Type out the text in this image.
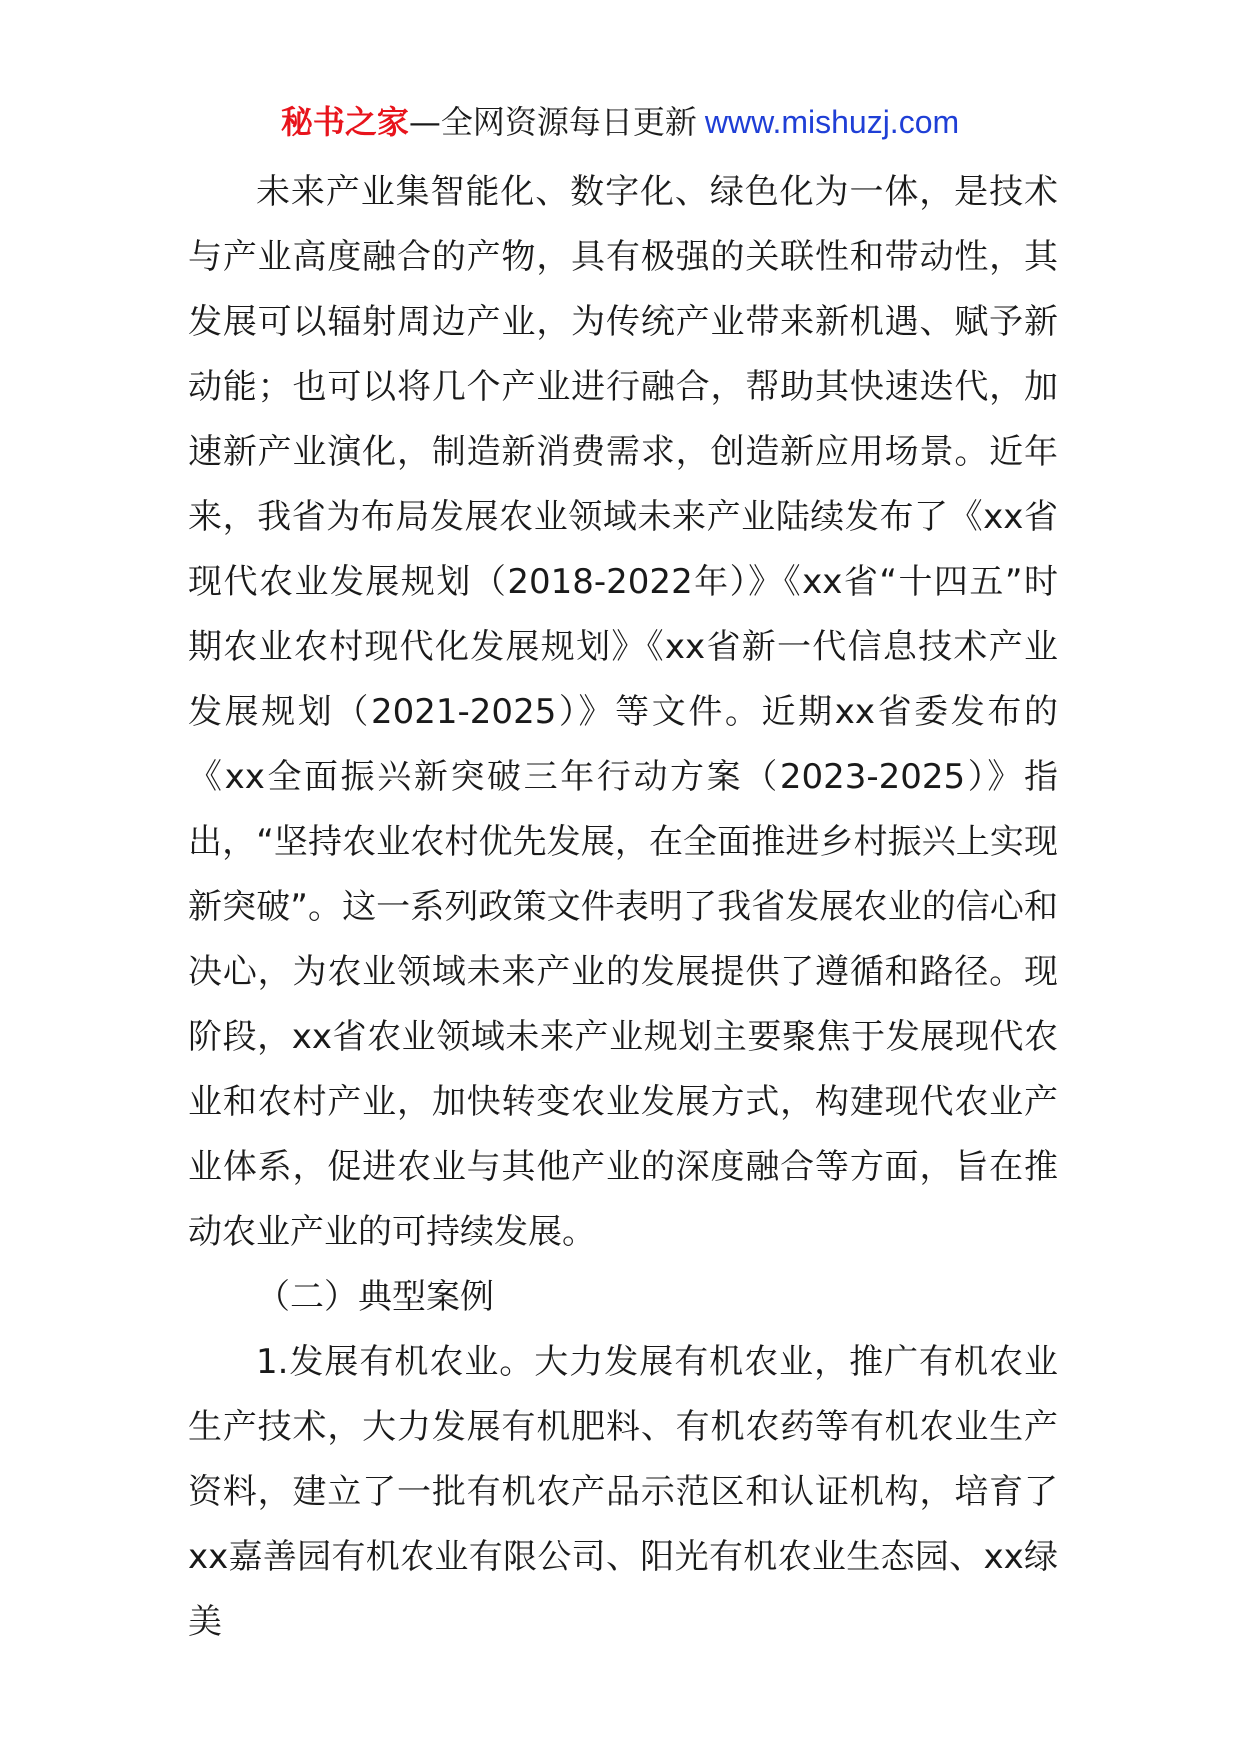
秘书之家—全网资源每日更新 www.mishuzj.com

未来产业集智能化、数字化、绿色化为一体，是技术与产业高度融合的产物，具有极强的关联性和带动性，其发展可以辐射周边产业，为传统产业带来新机遇、赋予新动能；也可以将几个产业进行融合，帮助其快速迭代，加速新产业演化，制造新消费需求，创造新应用场景。近年来，我省为布局发展农业领域未来产业陆续发布了《xx省现代农业发展规划（2018-2022年）》《xx省“十四五”时期农业农村现代化发展规划》《xx省新一代信息技术产业发展规划（2021-2025）》等文件。近期xx省委发布的《xx全面振兴新突破三年行动方案（2023-2025）》指出，“坚持农业农村优先发展，在全面推进乡村振兴上实现新突破”。这一系列政策文件表明了我省发展农业的信心和决心，为农业领域未来产业的发展提供了遵循和路径。现阶段，xx省农业领域未来产业规划主要聚焦于发展现代农业和农村产业，加快转变农业发展方式，构建现代农业产业体系，促进农业与其他产业的深度融合等方面，旨在推动农业产业的可持续发展。

（二）典型案例

1.发展有机农业。大力发展有机农业，推广有机农业生产技术，大力发展有机肥料、有机农药等有机农业生产资料，建立了一批有机农产品示范区和认证机构，培育了xx嘉善园有机农业有限公司、阳光有机农业生态园、xx绿美
